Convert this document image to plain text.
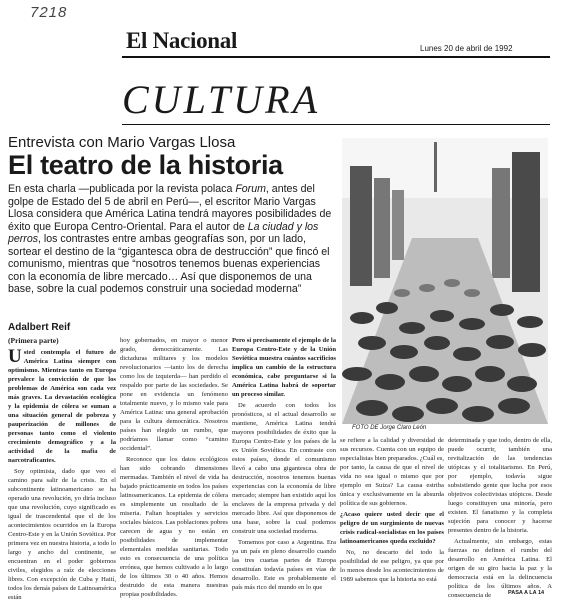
7218
El Nacional	Lunes 20 de abril de 1992
CULTURA
Entrevista con Mario Vargas Llosa
El teatro de la historia
En esta charla —publicada por la revista polaca Forum, antes del golpe de Estado del 5 de abril en Perú—, el escritor Mario Vargas Llosa considera que América Latina tendrá mayores posibilidades de éxito que Europa Centro-Oriental. Para el autor de La ciudad y los perros, los contrastes entre ambas geografías son, por un lado, sortear el destino de la “gigantesca obra de destrucción” que fincó el comunismo, mientras que “nosotros tenemos buenas experiencias con la economía de libre mercado… Así que disponemos de una base, sobre la cual podemos construir una sociedad moderna”
Adalbert Reif
(Primera parte)
Usted contempla el futuro de América Latina siempre con optimismo. Mientras tanto en Europa prevalece la convicción de que los problemas de América son cada vez más graves. La devastación ecológica y la epidemia de cólera se suman a una situación general de pobreza y pauperización de millones de personas tanto como el violento crecimiento demográfico y a la actividad de la mafia de narcotraficantes.
Soy optimista, dado que veo el camino para salir de la crisis. En el subcontinente latinoamericano se ha operado una revolución, yo diría incluso que una revolución, cuyo significado es igual de trascendental que el de los acontecimientos ocurridos en la Europa Centro-Este y en la Unión Soviética. Por primera vez en nuestra historia, a todo lo largo y ancho del continente, se encuentran en el poder gobiernos civiles, elegidos a raíz de elecciones libres. Con excepción de Cuba y Haití, todos los demás países de Latinoamérica están
hoy gobernados, en mayor o menor grado, democráticamente. Las dictaduras militares y los modelos revolucionarios —tanto los de derecha como los de izquierda— han perdido el respaldo por parte de las sociedades. Se pone en evidencia un fenómeno totalmente nuevo, y lo mismo vale para América Latina: una general aprobación para la cultura democrática. Nosotros países han elegido un rumbo, que podríamos llamar como “camino occidental”.
Reconoce que los datos ecológicos han sido cobrando dimensiones mermadas. También el nivel de vida ha bajado prácticamente en todos los países latinoamericanos. La epidemia de cólera es simplemente un resultado de la miseria. Faltan hospitales y servicios sociales básicos. Las poblaciones pobres carecen de agua y no están en posibilidades de implementar elementales medidas sanitarias. Todo esto es consecuencia de una política errónea, que hemos cultivado a lo largo de los últimos 30 o 40 años. Hemos destruido de esta manera nuestras propias posibilidades.
Pero si precisamente el ejemplo de la Europa Centro-Este y de la Unión Soviética muestra cuántos sacrificios implica un cambio de la estructura económica, cabe preguntarse si la América Latina habrá de soportar un proceso similar.
De acuerdo con todos los pronósticos, si el actual desarrollo se mantiene, América Latina tendrá mayores posibilidades de éxito que la Europa Centro-Este y los países de la ex Unión Soviética. En contraste con estos países, donde el comunismo llevó a cabo una gigantesca obra de destrucción, nosotros tenemos buenas experiencias con la economía de libre mercado; siempre han existido aquí los enclaves de la empresa privada y del mercado libre. Así que disponemos de una base, sobre la cual podemos construir una sociedad moderna.
Tomemos por caso a Argentina. Era ya un país en pleno desarrollo cuando las tres cuartas partes de Europa constituían todavía países en vías de desarrollo. Este es probablemente el país más rico del mundo en lo que
FOTO DE Jorge Claro León
se refiere a la calidad y diversidad de sus recursos. Cuenta con un equipo de especialistas bien preparados. ¿Cuál es, por tanto, la causa de que el nivel de vida no sea igual o mismo que por ejemplo en Suiza? La causa estriba única y exclusivamente en la absurda política de sus gobiernos.
¿Acaso quiere usted decir que el peligro de un surgimiento de nuevas crisis radical-socialistas en los países latinoamericanos queda excluido?
No, no descarto del todo la posibilidad de ese peligro, ya que por lo menos desde los acontecimientos de 1989 sabemos que la historia no está
determinada y que todo, dentro de ella, puede ocurrir, también una revitalización de las tendencias utópicas y el totalitarismo. En Perú, por ejemplo, todavía sigue subsistiendo gente que lucha por esos objetivos colectivistas utópicos. Desde luego constituyen una minoría, pero existen. El fanatismo y la completa sujeción para conocer y hacerse presentes dentro de la historia.
Actualmente, sin embargo, estas fuerzas no definen el rumbo del desarrollo en América Latina. El origen de su giro hacia la paz y la democracia está en la delincuencia política de los últimos años. A consecuencia de	PASA A LA 14
